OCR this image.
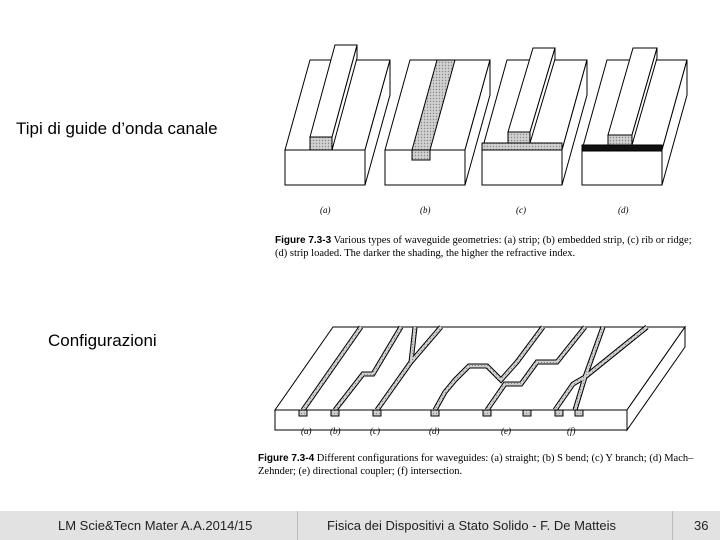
Tipi di guide d’onda canale
Configurazioni
(a)	(b)	(c)	(d)
Figure 7.3-3 Various types of waveguide geometries: (a) strip; (b) embedded strip, (c) rib or ridge; (d) strip loaded. The darker the shading, the higher the refractive index.
(a) (b)	(c)	(d)	(e)	(f)
Figure 7.3-4 Different configurations for waveguides: (a) straight; (b) S bend; (c) Y branch; (d) Mach–Zehnder; (e) directional coupler; (f) intersection.
LM Scie&Tecn Mater A.A.2014/15	Fisica dei Dispositivi a Stato Solido - F. De Matteis	36
